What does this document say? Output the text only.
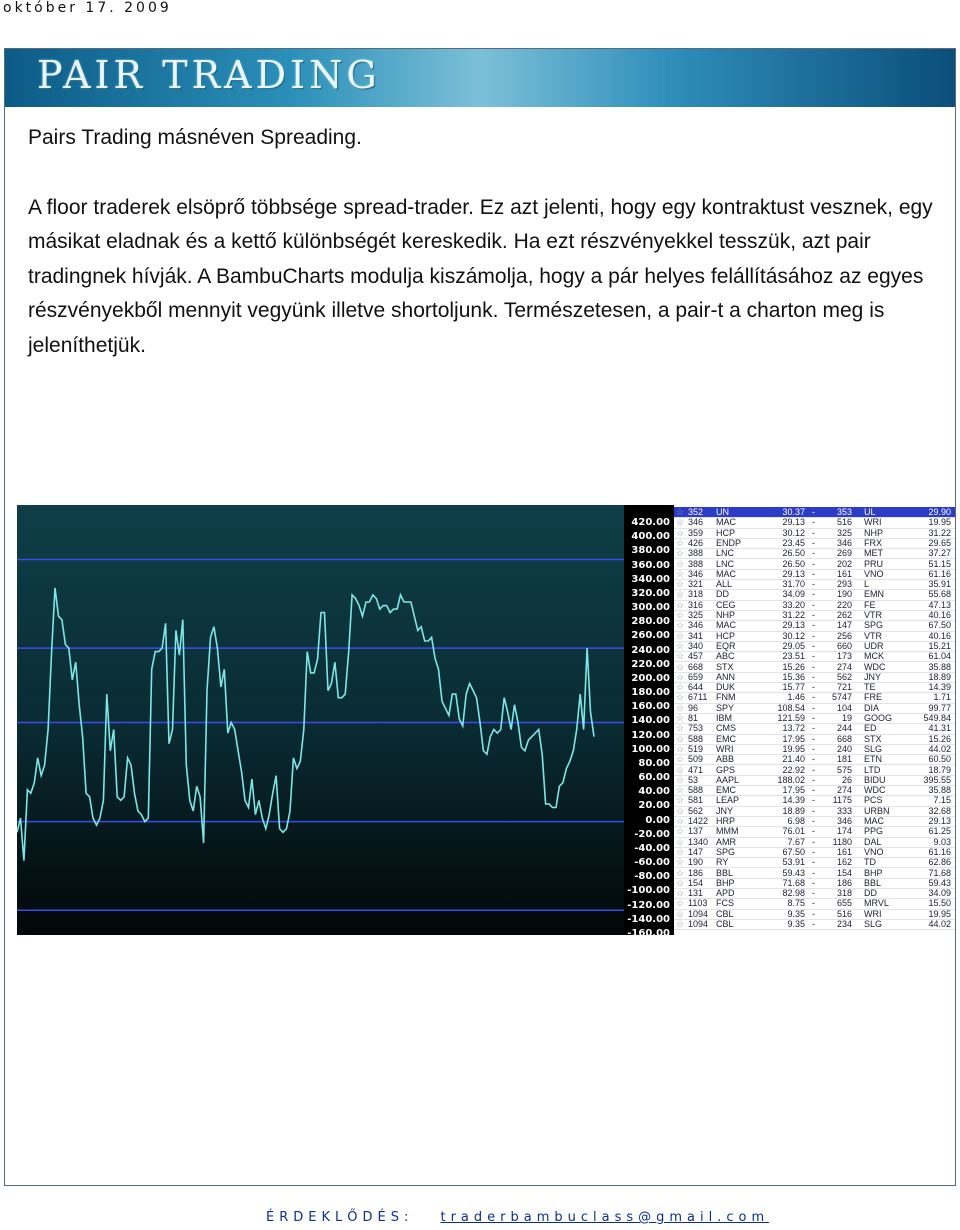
október 17. 2009
PAIR TRADING

Pairs Trading másnéven Spreading.

A floor traderek elsöprő többsége spread-trader. Ez azt jelenti, hogy egy kontraktust vesznek, egy másikat eladnak és a kettő különbségét kereskedik. Ha ezt részvényekkel tesszük, azt pair tradingnek hívják. A BambuCharts modulja kiszámolja, hogy a pár helyes felállításához az egyes részvényekből mennyit vegyünk illetve shortoljunk. Természetesen, a pair-t a charton meg is jeleníthetjük.

420.00
400.00
380.00
360.00
340.00
320.00
300.00
280.00
260.00
240.00
220.00
200.00
180.00
160.00
140.00
120.00
100.00
80.00
60.00
40.00
20.00
0.00
-20.00
-40.00
-60.00
-80.00
-100.00
-120.00
-140.00
-160.00
☆ 352 UN	30.37 -	353 UL	29.90
☆ 346 MAC	29.13 -	516 WRI	19.95
☆ 359 HCP	30.12 -	325 NHP	31.22
☆ 426 ENDP	23.45 -	346 FRX	29.65
☆ 388 LNC	26.50 -	269 MET	37.27
☆ 388 LNC	26.50 -	202 PRU	51.15
☆ 346 MAC	29.13 -	161 VNO	61.16
☆ 321 ALL	31.70 -	293 L	35.91
☆ 318 DD	34.09 -	190 EMN	55.68
☆ 316 CEG	33.20 -	220 FE	47.13
☆ 325 NHP	31.22 -	262 VTR	40.16
☆ 346 MAC	29.13 -	147 SPG	67.50
☆ 341 HCP	30.12 -	256 VTR	40.16
☆ 340 EQR	29.05 -	660 UDR	15.21
☆ 457 ABC	23.51 -	173 MCK	61.04
☆ 668 STX	15.26 -	274 WDC	35.88
☆ 659 ANN	15.36 -	562 JNY	18.89
☆ 644 DUK	15.77 -	721 TE	14.39
☆ 6711 FNM	1.46 -	5747 FRE	1.71
☆ 96 SPY	108.54 -	104 DIA	99.77
☆ 81 IBM	121.59 -	19 GOOG	549.84
☆ 753 CMS	13.72 -	244 ED	41.31
☆ 588 EMC	17.95 -	668 STX	15.26
☆ 519 WRI	19.95 -	240 SLG	44.02
☆ 509 ABB	21.40 -	181 ETN	60.50
☆ 471 GPS	22.92 -	575 LTD	18.79
☆ 53 AAPL	188.02 -	26 BIDU	395.55
☆ 588 EMC	17.95 -	274 WDC	35.88
☆ 581 LEAP	14.39 -	1175 PCS	7.15
☆ 562 JNY	18.89 -	333 URBN	32.68
☆ 1422 HRP	6.98 -	346 MAC	29.13
☆ 137 MMM	76.01 -	174 PPG	61.25
☆ 1340 AMR	7.67 -	1180 DAL	9.03
☆ 147 SPG	67.50 -	161 VNO	61.16
☆ 190 RY	53.91 -	162 TD	62.86
☆ 186 BBL	59.43 -	154 BHP	71.68
☆ 154 BHP	71.68 -	186 BBL	59.43
☆ 131 APD	82.98 -	318 DD	34.09
☆ 1103 FCS	8.75 -	655 MRVL	15.50
☆ 1094 CBL	9.35 -	516 WRI	19.95
☆ 1094 CBL	9.35 -	234 SLG	44.02
ÉRDEKLŐDÉS: traderbambuclass@gmail.com
